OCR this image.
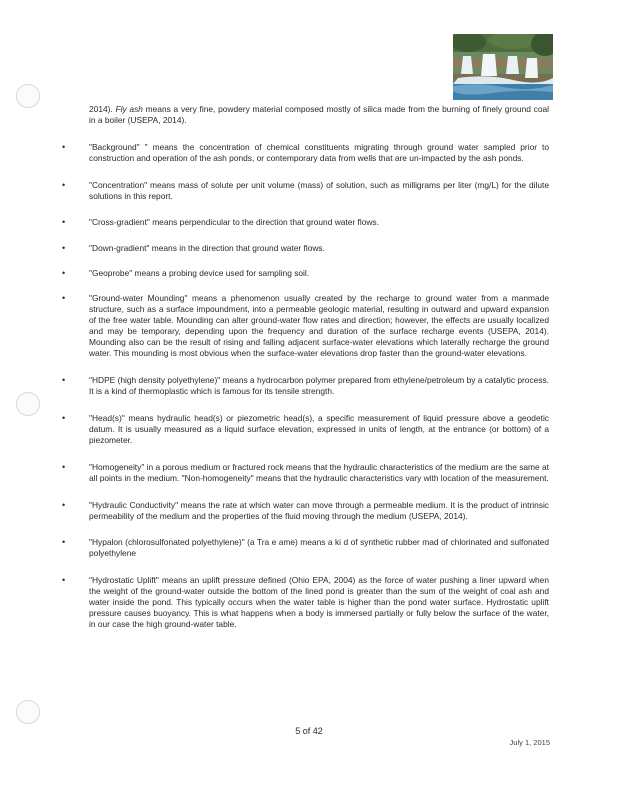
2014). Fly ash means a very fine, powdery material composed mostly of silica made from the burning of finely ground coal in a boiler (USEPA, 2014).

• "Background" " means the concentration of chemical constituents migrating through ground water sampled prior to construction and operation of the ash ponds, or contemporary data from wells that are un-impacted by the ash ponds.
• "Concentration" means mass of solute per unit volume (mass) of solution, such as milligrams per liter (mg/L) for the dilute solutions in this report.
• "Cross-gradient" means perpendicular to the direction that ground water flows.
• "Down-gradient" means in the direction that ground water flows.
• "Geoprobe" means a probing device used for sampling soil.
• "Ground-water Mounding" means a phenomenon usually created by the recharge to ground water from a manmade structure, such as a surface impoundment, into a permeable geologic material, resulting in outward and upward expansion of the free water table. Mounding can alter ground-water flow rates and direction; however, the effects are usually localized and may be temporary, depending upon the frequency and duration of the surface recharge events (USEPA, 2014). Mounding also can be the result of rising and falling adjacent surface-water elevations which laterally recharge the ground water. This mounding is most obvious when the surface-water elevations drop faster than the ground-water elevations.
• "HDPE (high density polyethylene)" means a hydrocarbon polymer prepared from ethylene/petroleum by a catalytic process. It is a kind of thermoplastic which is famous for its tensile strength.
• "Head(s)" means hydraulic head(s) or piezometric head(s), a specific measurement of liquid pressure above a geodetic datum. It is usually measured as a liquid surface elevation, expressed in units of length, at the entrance (or bottom) of a piezometer.
• "Homogeneity" in a porous medium or fractured rock means that the hydraulic characteristics of the medium are the same at all points in the medium. "Non-homogeneity" means that the hydraulic characteristics vary with location of the measurement.
• "Hydraulic Conductivity" means the rate at which water can move through a permeable medium. It is the product of intrinsic permeability of the medium and the properties of the fluid moving through the medium (USEPA, 2014).
• "Hypalon (chlorosulfonated polyethylene)" (a Tra e ame) means a ki d of synthetic rubber mad of chlorinated and sulfonated polyethylene
• "Hydrostatic Uplift" means an uplift pressure defined (Ohio EPA, 2004) as the force of water pushing a liner upward when the weight of the ground-water outside the bottom of the lined pond is greater than the sum of the weight of coal ash and water inside the pond. This typically occurs when the water table is higher than the pond water surface. Hydrostatic uplift pressure causes buoyancy. This is what happens when a body is immersed partially or fully below the surface of the water, in our case the high ground-water table.
5 of 42
July 1, 2015
